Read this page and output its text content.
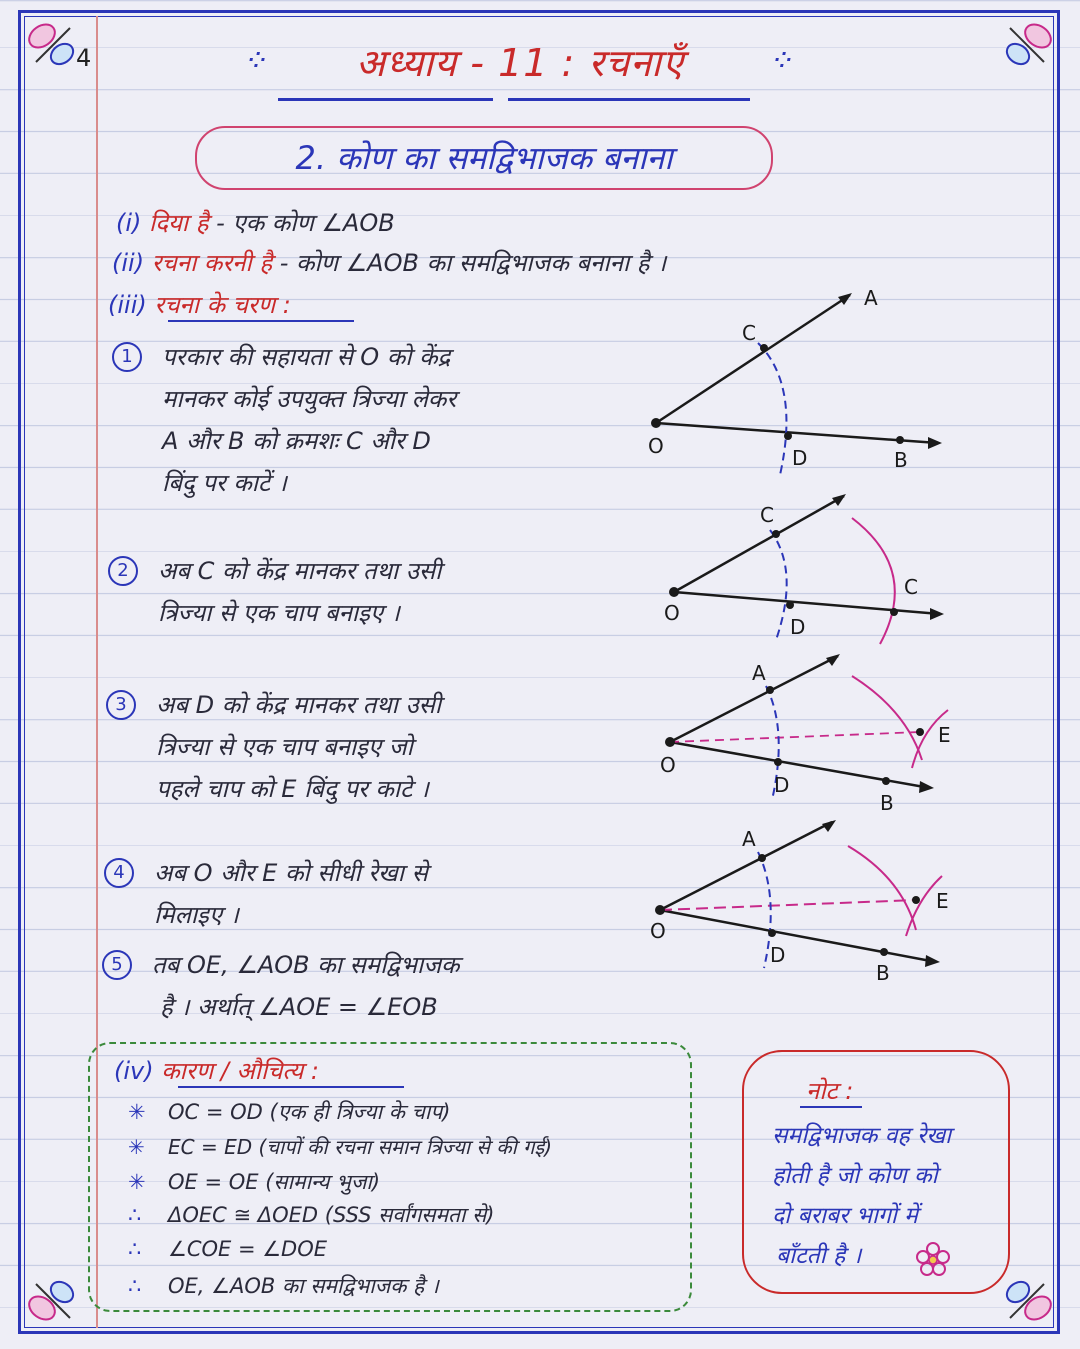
4	⁘ अध्याय - 11 : रचनाएँ	⁘
2. कोण का समद्विभाजक बनाना
(i) दिया है - एक कोण ∠AOB
(ii) रचना करनी है - कोण ∠AOB का समद्विभाजक बनाना है ।
(iii) रचना के चरण :
1	परकार की सहायता से O को केंद्र
मानकर कोई उपयुक्त त्रिज्या लेकर
A और B को क्रमशः C और D
बिंदु पर काटें ।
2	अब C को केंद्र मानकर तथा उसी
त्रिज्या से एक चाप बनाइए ।
3	अब D को केंद्र मानकर तथा उसी
त्रिज्या से एक चाप बनाइए जो
पहले चाप को E बिंदु पर काटे ।
4	अब O और E को सीधी रेखा से
मिलाइए ।
5	तब OE, ∠AOB का समद्विभाजक
है । अर्थात् ∠AOE = ∠EOB
O
C
D	B
A
O
C
D
C
O
A
D
B
E
O
A
D
B
E
(iv) कारण / औचित्य :
✳ OC = OD (एक ही त्रिज्या के चाप)
✳ EC = ED (चापों की रचना समान त्रिज्या से की गई)
✳ OE = OE (सामान्य भुजा)
∴ ΔOEC ≅ ΔOED (SSS सर्वांगसमता से)
∴ ∠COE = ∠DOE
∴ OE, ∠AOB का समद्विभाजक है ।
नोट :
समद्विभाजक वह रेखा
होती है जो कोण को
दो बराबर भागों में
बाँटती है ।
